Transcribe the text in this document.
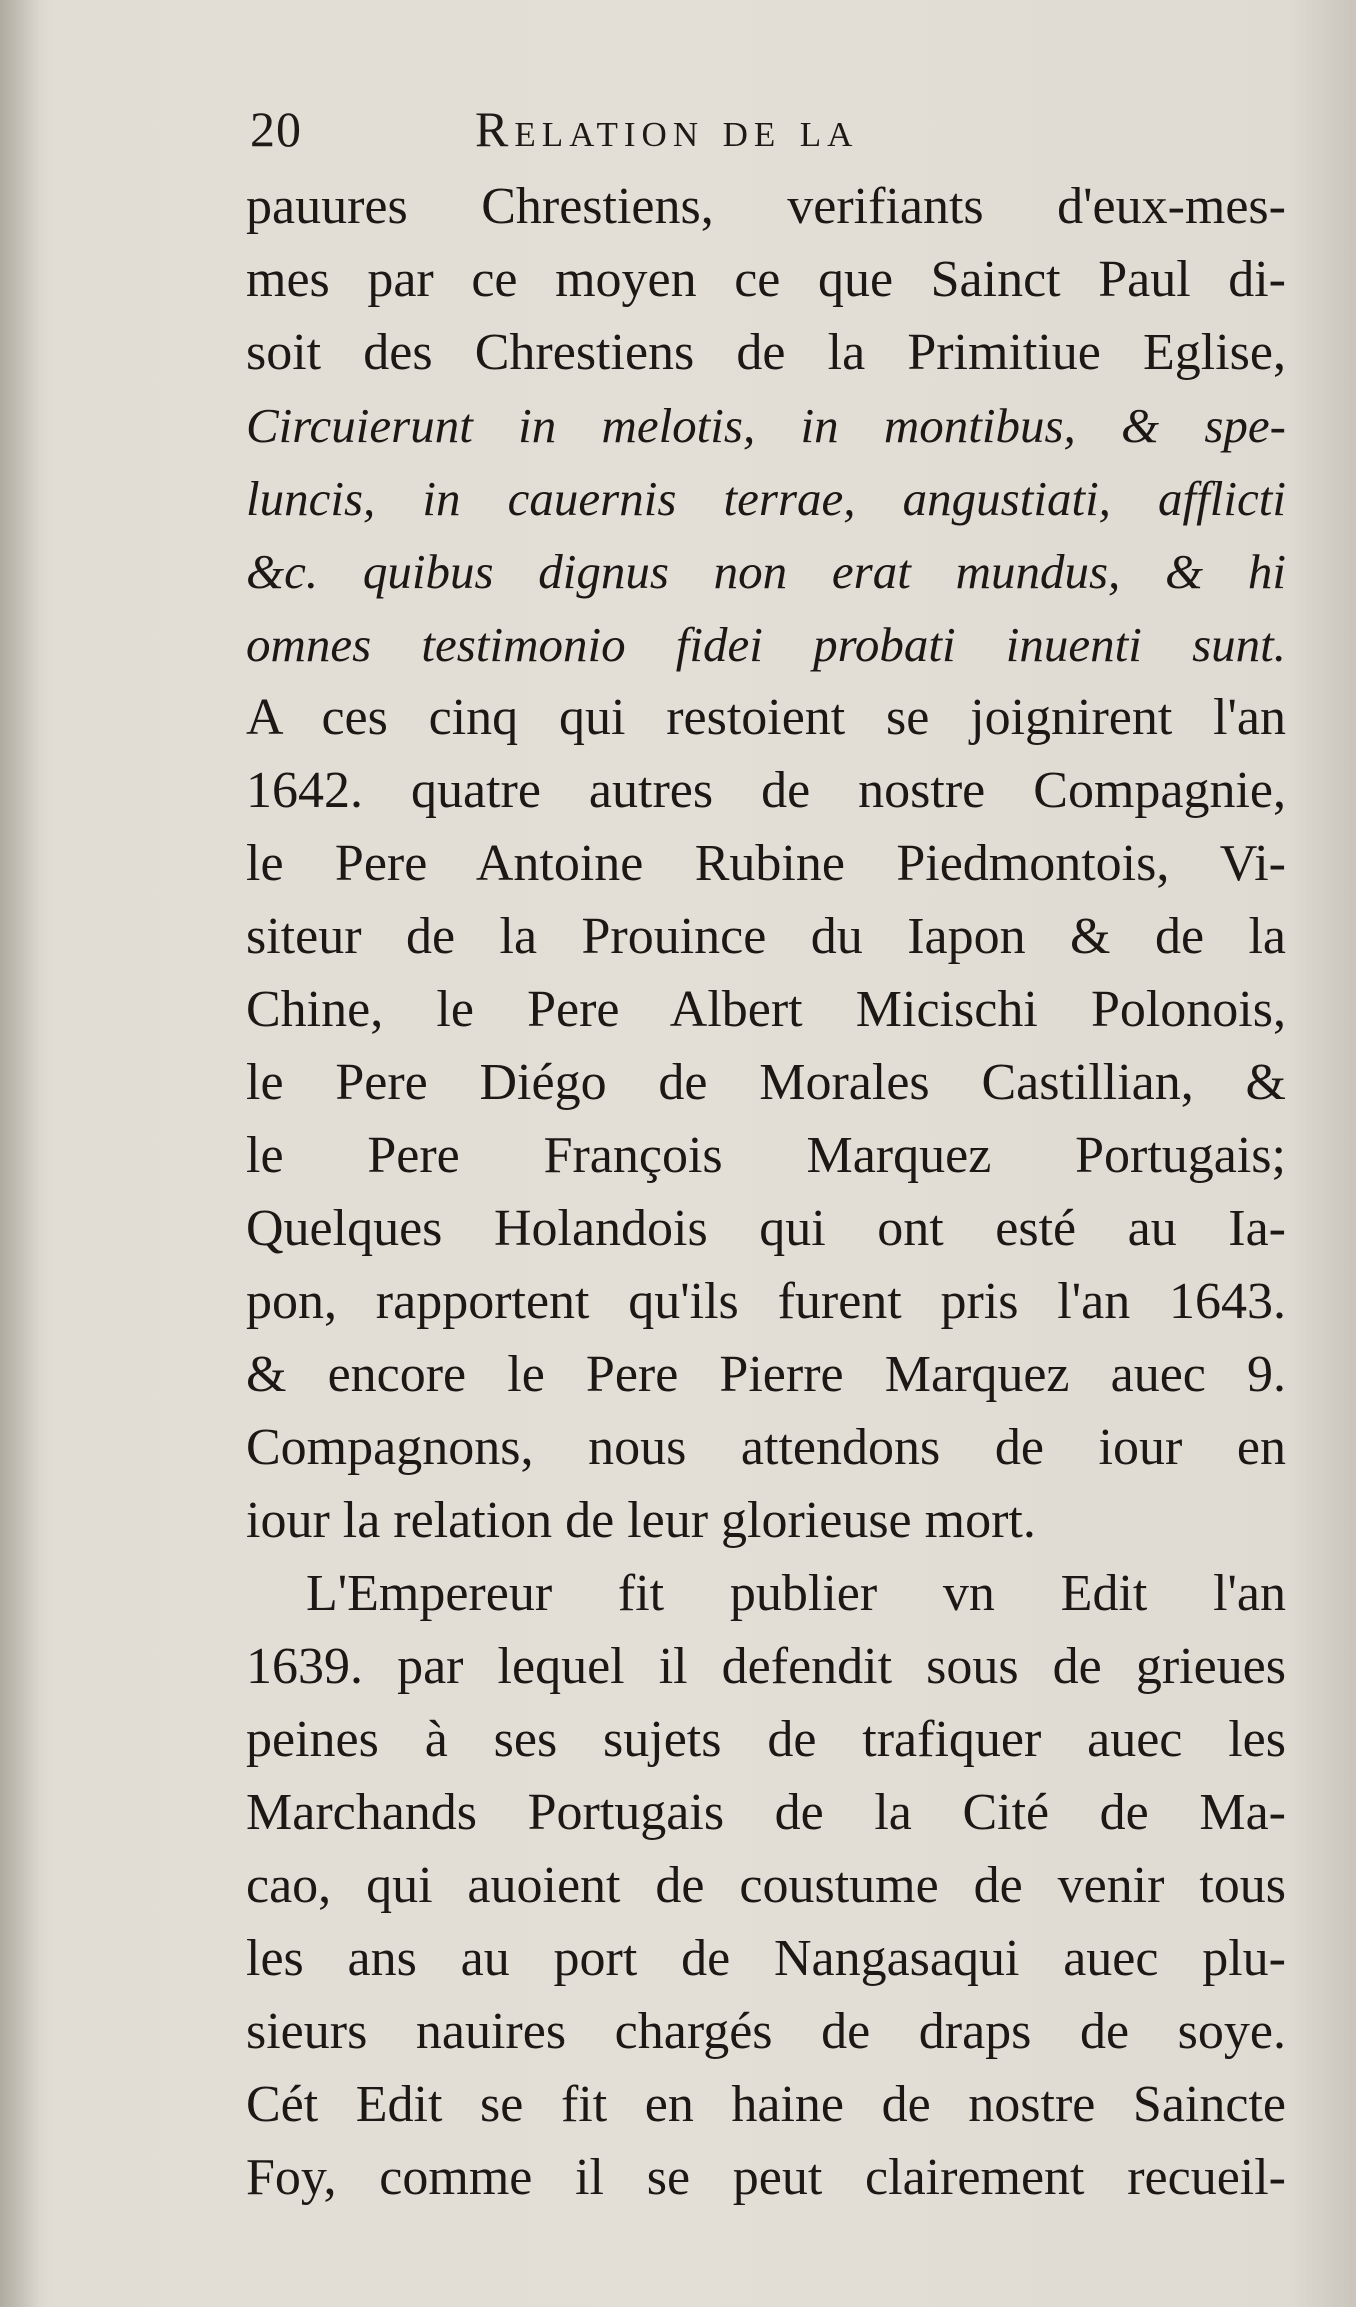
20	Relation de la
pauures Chrestiens, verifiants d'eux-mes-
mes par ce moyen ce que Sainct Paul di-
soit des Chrestiens de la Primitiue Eglise,
Circuierunt in melotis, in montibus, & spe-
luncis, in cauernis terrae, angustiati, afflicti
&c. quibus dignus non erat mundus, & hi
omnes testimonio fidei probati inuenti sunt.
A ces cinq qui restoient se joignirent l'an
1642. quatre autres de nostre Compagnie,
le Pere Antoine Rubine Piedmontois, Vi-
siteur de la Prouince du Iapon & de la
Chine, le Pere Albert Micischi Polonois,
le Pere Diégo de Morales Castillian, &
le Pere François Marquez Portugais;
Quelques Holandois qui ont esté au Ia-
pon, rapportent qu'ils furent pris l'an 1643.
& encore le Pere Pierre Marquez auec 9.
Compagnons, nous attendons de iour en
iour la relation de leur glorieuse mort.
L'Empereur fit publier vn Edit l'an
1639. par lequel il defendit sous de grieues
peines à ses sujets de trafiquer auec les
Marchands Portugais de la Cité de Ma-
cao, qui auoient de coustume de venir tous
les ans au port de Nangasaqui auec plu-
sieurs nauires chargés de draps de soye.
Cét Edit se fit en haine de nostre Saincte
Foy, comme il se peut clairement recueil-
